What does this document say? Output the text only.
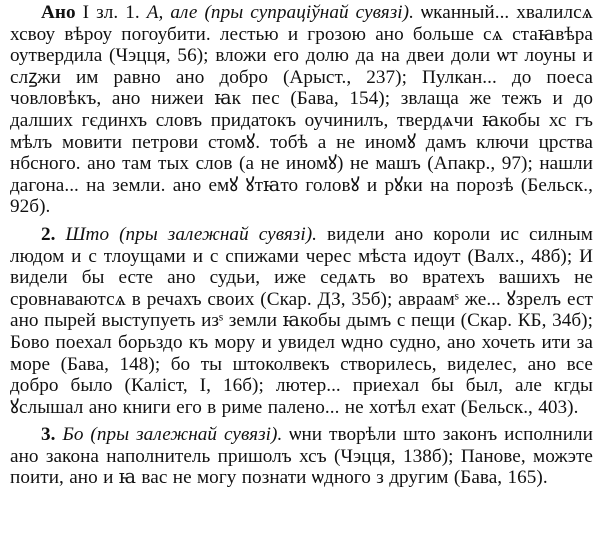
Ано I зл. 1. А, але (пры супрацiўнай сувязі). ѡканный... хвалилсѧ хсвоу вѣроу погоубити. лестью и грозою ано больше сѧ стаꙗвѣра оутвердила (Чэцця, 56); вложи его долю да на двеи доли ѡт лоуны и слꙁжи им равно ано добро (Арыст., 237); Пулкан... до поеса човловѣкъ, ано нижеи ꙗк пес (Бава, 154); звлаща же тежъ и до далших гєдинхъ словъ придатокъ оучинилъ, твердѧчи ꙗкобы хс гъ мѣлъ мовити петрови стомꙋ. тобѣ а не иномꙋ дамъ ключи црства нбсного. ано там тых слов (а не иномꙋ) не машъ (Апакр., 97); нашли дагона... на земли. ано емꙋ ꙋтꙗто головꙋ и рꙋки на порозѣ (Бельск., 92б).

2. Што (пры залежнай сувязі). видели ано короли ис силным людом и с тлоущами и с спижами черес мѣста идоут (Валх., 48б); И видели бы есте ано судьи, иже седѧть во вратехъ вашихъ не сровнаваютсѧ в речахъ своих (Скар. ДЗ, 35б); авраамˢ же... ꙋзрелъ ест ано пырей выступуеть изˢ земли ꙗкобы дымъ с пещи (Скар. КБ, 34б); Бово поехал борьздо къ мору и увидел ѡдно судно, ано хочеть ити за море (Бава, 148); бо ты штоколвекъ створилесь, виделес, ано все добро было (Каліст, I, 16б); лютер... приехал бы был, але кгды ꙋслышал ано книги его в риме палено... не хотѣл ехат (Бельск., 403).

3. Бо (пры залежнай сувязі). ѡни творѣли што законъ исполнили ано закона наполнитель пришолъ хсъ (Чэцця, 138б); Панове, можэте поити, ано и ꙗ вас не могу познати ѡдного з другим (Бава, 165).
